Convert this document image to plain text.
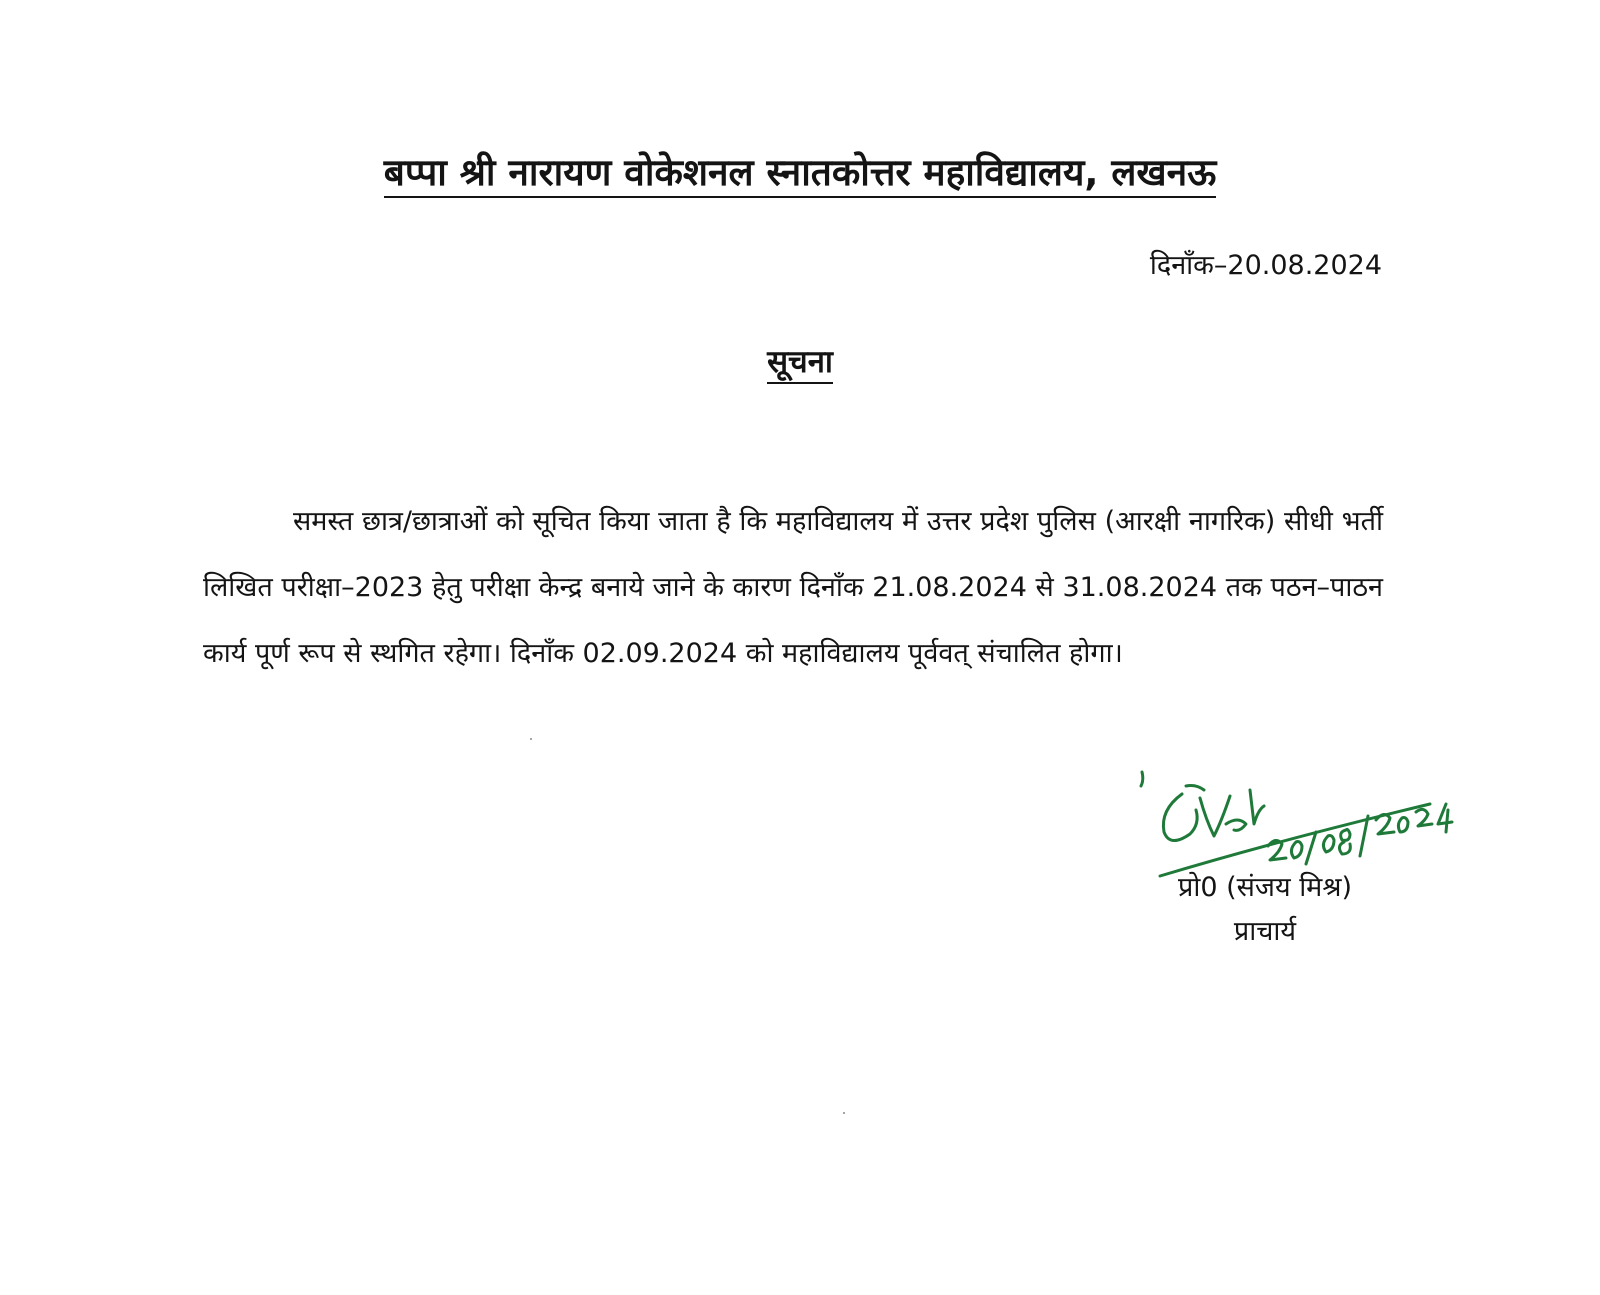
बप्पा श्री नारायण वोकेशनल स्नातकोत्तर महाविद्यालय, लखनऊ
दिनाँक–20.08.2024
सूचना

समस्त छात्र/छात्राओं को सूचित किया जाता है कि महाविद्यालय में उत्तर प्रदेश पुलिस (आरक्षी नागरिक) सीधी भर्ती लिखित परीक्षा–2023 हेतु परीक्षा केन्द्र बनाये जाने के कारण दिनाँक 21.08.2024 से 31.08.2024 तक पठन–पाठन कार्य पूर्ण रूप से स्थगित रहेगा। दिनाँक 02.09.2024 को महाविद्यालय पूर्ववत् संचालित होगा।

प्रो0 (संजय मिश्र)
प्राचार्य
